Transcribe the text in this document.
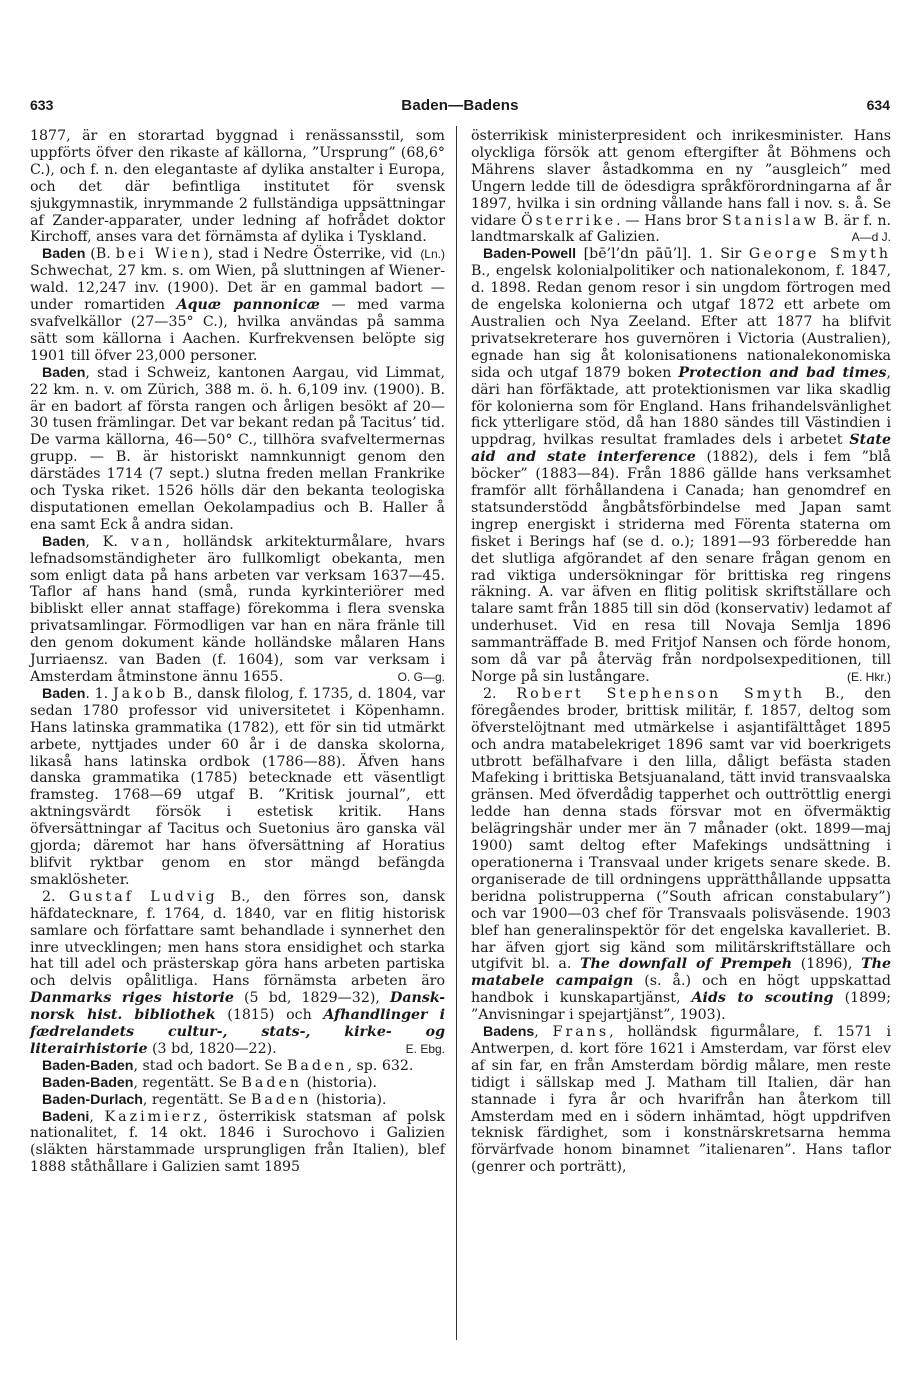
633	Baden—Badens	634

1877, är en storartad byggnad i renässansstil, som uppförts öfver den rikaste af källorna, ”Ursprung” (68,6° C.), och f. n. den elegantaste af dylika anstalter i Europa, och det där befintliga institutet för svensk sjukgymnastik, inrymmande 2 fullständiga uppsättningar af Zander-apparater, under ledning af hofrådet doktor Kirchoff, anses vara det förnämsta af dylika i Tyskland.
(Ln.)

Baden (B. bei Wien), stad i Nedre Österrike, vid Schwechat, 27 km. s. om Wien, på sluttningen af Wiener-wald. 12,247 inv. (1900). Det är en gammal badort — under romartiden Aquæ pannonicæ — med varma svafvelkällor (27—35° C.), hvilka användas på samma sätt som källorna i Aachen. Kurfrekvensen belöpte sig 1901 till öfver 23,000 personer.

Baden, stad i Schweiz, kantonen Aargau, vid Limmat, 22 km. n. v. om Zürich, 388 m. ö. h. 6,109 inv. (1900). B. är en badort af första rangen och årligen besökt af 20—30 tusen främlingar. Det var bekant redan på Tacitus’ tid. De varma källorna, 46—50° C., tillhöra svafveltermernas grupp. — B. är historiskt namnkunnigt genom den därstädes 1714 (7 sept.) slutna freden mellan Frankrike och Tyska riket. 1526 hölls där den bekanta teologiska disputationen emellan Oekolampadius och B. Haller å ena samt Eck å andra sidan.

Baden, K. van, holländsk arkitekturmålare, hvars lefnadsomständigheter äro fullkomligt obekanta, men som enligt data på hans arbeten var verksam 1637—45. Taflor af hans hand (små, runda kyrkinteriörer med bibliskt eller annat staffage) förekomma i flera svenska privatsamlingar. Förmodligen var han en nära fränle till den genom dokument kände holländske målaren Hans Jurriaensz. van Baden (f. 1604), som var verksam i Amsterdam åtminstone ännu 1655.	O. G—g.

Baden. 1. Jakob B., dansk filolog, f. 1735, d. 1804, var sedan 1780 professor vid universitetet i Köpenhamn. Hans latinska grammatika (1782), ett för sin tid utmärkt arbete, nyttjades under 60 år i de danska skolorna, likaså hans latinska ordbok (1786—88). Äfven hans danska grammatika (1785) betecknade ett väsentligt framsteg. 1768—69 utgaf B. ”Kritisk journal”, ett aktningsvärdt försök i estetisk kritik. Hans öfversättningar af Tacitus och Suetonius äro ganska väl gjorda; däremot har hans öfversättning af Horatius blifvit ryktbar genom en stor mängd befängda smaklösheter.

2. Gustaf Ludvig B., den förres son, dansk häfdatecknare, f. 1764, d. 1840, var en flitig historisk samlare och författare samt behandlade i synnerhet den inre utvecklingen; men hans stora ensidighet och starka hat till adel och prästerskap göra hans arbeten partiska och delvis opålitliga. Hans förnämsta arbeten äro Danmarks riges historie (5 bd, 1829—32), Dansk-norsk hist. bibliothek (1815) och Afhandlinger i fædrelandets cultur-, stats-, kirke- og literairhistorie (3 bd, 1820—22).	E. Ebg.

Baden-Baden, stad och badort. Se Baden, sp. 632.

Baden-Baden, regentätt. Se Baden (historia).

Baden-Durlach, regentätt. Se Baden (historia).

Badeni, Kazimierz, österrikisk statsman af polsk nationalitet, f. 14 okt. 1846 i Surochovo i Galizien (släkten härstammade ursprungligen från Italien), blef 1888 ståthållare i Galizien samt 1895

österrikisk ministerpresident och inrikesminister. Hans olyckliga försök att genom eftergifter åt Böhmens och Mährens slaver åstadkomma en ny ”ausgleich” med Ungern ledde till de ödesdigra språkförordningarna af år 1897, hvilka i sin ordning vållande hans fall i nov. s. å. Se vidare Österrike. — Hans bror Stanislaw B. är f. n. landtmarskalk af Galizien.	A—d J.

Baden-Powell [bē’l’dn pāū’l]. 1. Sir George Smyth B., engelsk kolonialpolitiker och nationalekonom, f. 1847, d. 1898. Redan genom resor i sin ungdom förtrogen med de engelska kolonierna och utgaf 1872 ett arbete om Australien och Nya Zeeland. Efter att 1877 ha blifvit privatsekreterare hos guvernören i Victoria (Australien), egnade han sig åt kolonisationens nationalekonomiska sida och utgaf 1879 boken Protection and bad times, däri han förfäktade, att protektionismen var lika skadlig för kolonierna som för England. Hans frihandelsvänlighet fick ytterligare stöd, då han 1880 sändes till Västindien i uppdrag, hvilkas resultat framlades dels i arbetet State aid and state interference (1882), dels i fem ”blå böcker” (1883—84). Från 1886 gällde hans verksamhet framför allt förhållandena i Canada; han genomdref en statsunderstödd ångbåtsförbindelse med Japan samt ingrep energiskt i striderna med Förenta staterna om fisket i Berings haf (se d. o.); 1891—93 förberedde han det slutliga afgörandet af den senare frågan genom en rad viktiga undersökningar för brittiska reg ringens räkning. A. var äfven en flitig politisk skriftställare och talare samt från 1885 till sin död (konservativ) ledamot af underhuset. Vid en resa till Novaja Semlja 1896 sammanträffade B. med Fritjof Nansen och förde honom, som då var på återväg från nordpolsexpeditionen, till Norge på sin lustångare.	(E. Hkr.)

2. Robert Stephenson Smyth B., den föregåendes broder, brittisk militär, f. 1857, deltog som öfverstelöjtnant med utmärkelse i asjantifälttåget 1895 och andra matabelekriget 1896 samt var vid boerkrigets utbrott befälhafvare i den lilla, dåligt befästa staden Mafeking i brittiska Betsjuanaland, tätt invid transvaalska gränsen. Med öfverdådig tapperhet och outtröttlig energi ledde han denna stads försvar mot en öfvermäktig belägringshär under mer än 7 månader (okt. 1899—maj 1900) samt deltog efter Mafekings undsättning i operationerna i Transvaal under krigets senare skede. B. organiserade de till ordningens upprätthållande uppsatta beridna polistrupperna (”South african constabulary”) och var 1900—03 chef för Transvaals polisväsende. 1903 blef han generalinspektör för det engelska kavalleriet. B. har äfven gjort sig känd som militärskriftställare och utgifvit bl. a. The downfall of Prempeh (1896), The matabele campaign (s. å.) och en högt uppskattad handbok i kunskapartjänst, Aids to scouting (1899; ”Anvisningar i spejartjänst”, 1903).

Badens, Frans, holländsk figurmålare, f. 1571 i Antwerpen, d. kort före 1621 i Amsterdam, var först elev af sin far, en från Amsterdam bördig målare, men reste tidigt i sällskap med J. Matham till Italien, där han stannade i fyra år och hvarifrån han återkom till Amsterdam med en i södern inhämtad, högt uppdrifven teknisk färdighet, som i konstnärskretsarna hemma förvärfvade honom binamnet ”italienaren”. Hans taflor (genrer och porträtt),
